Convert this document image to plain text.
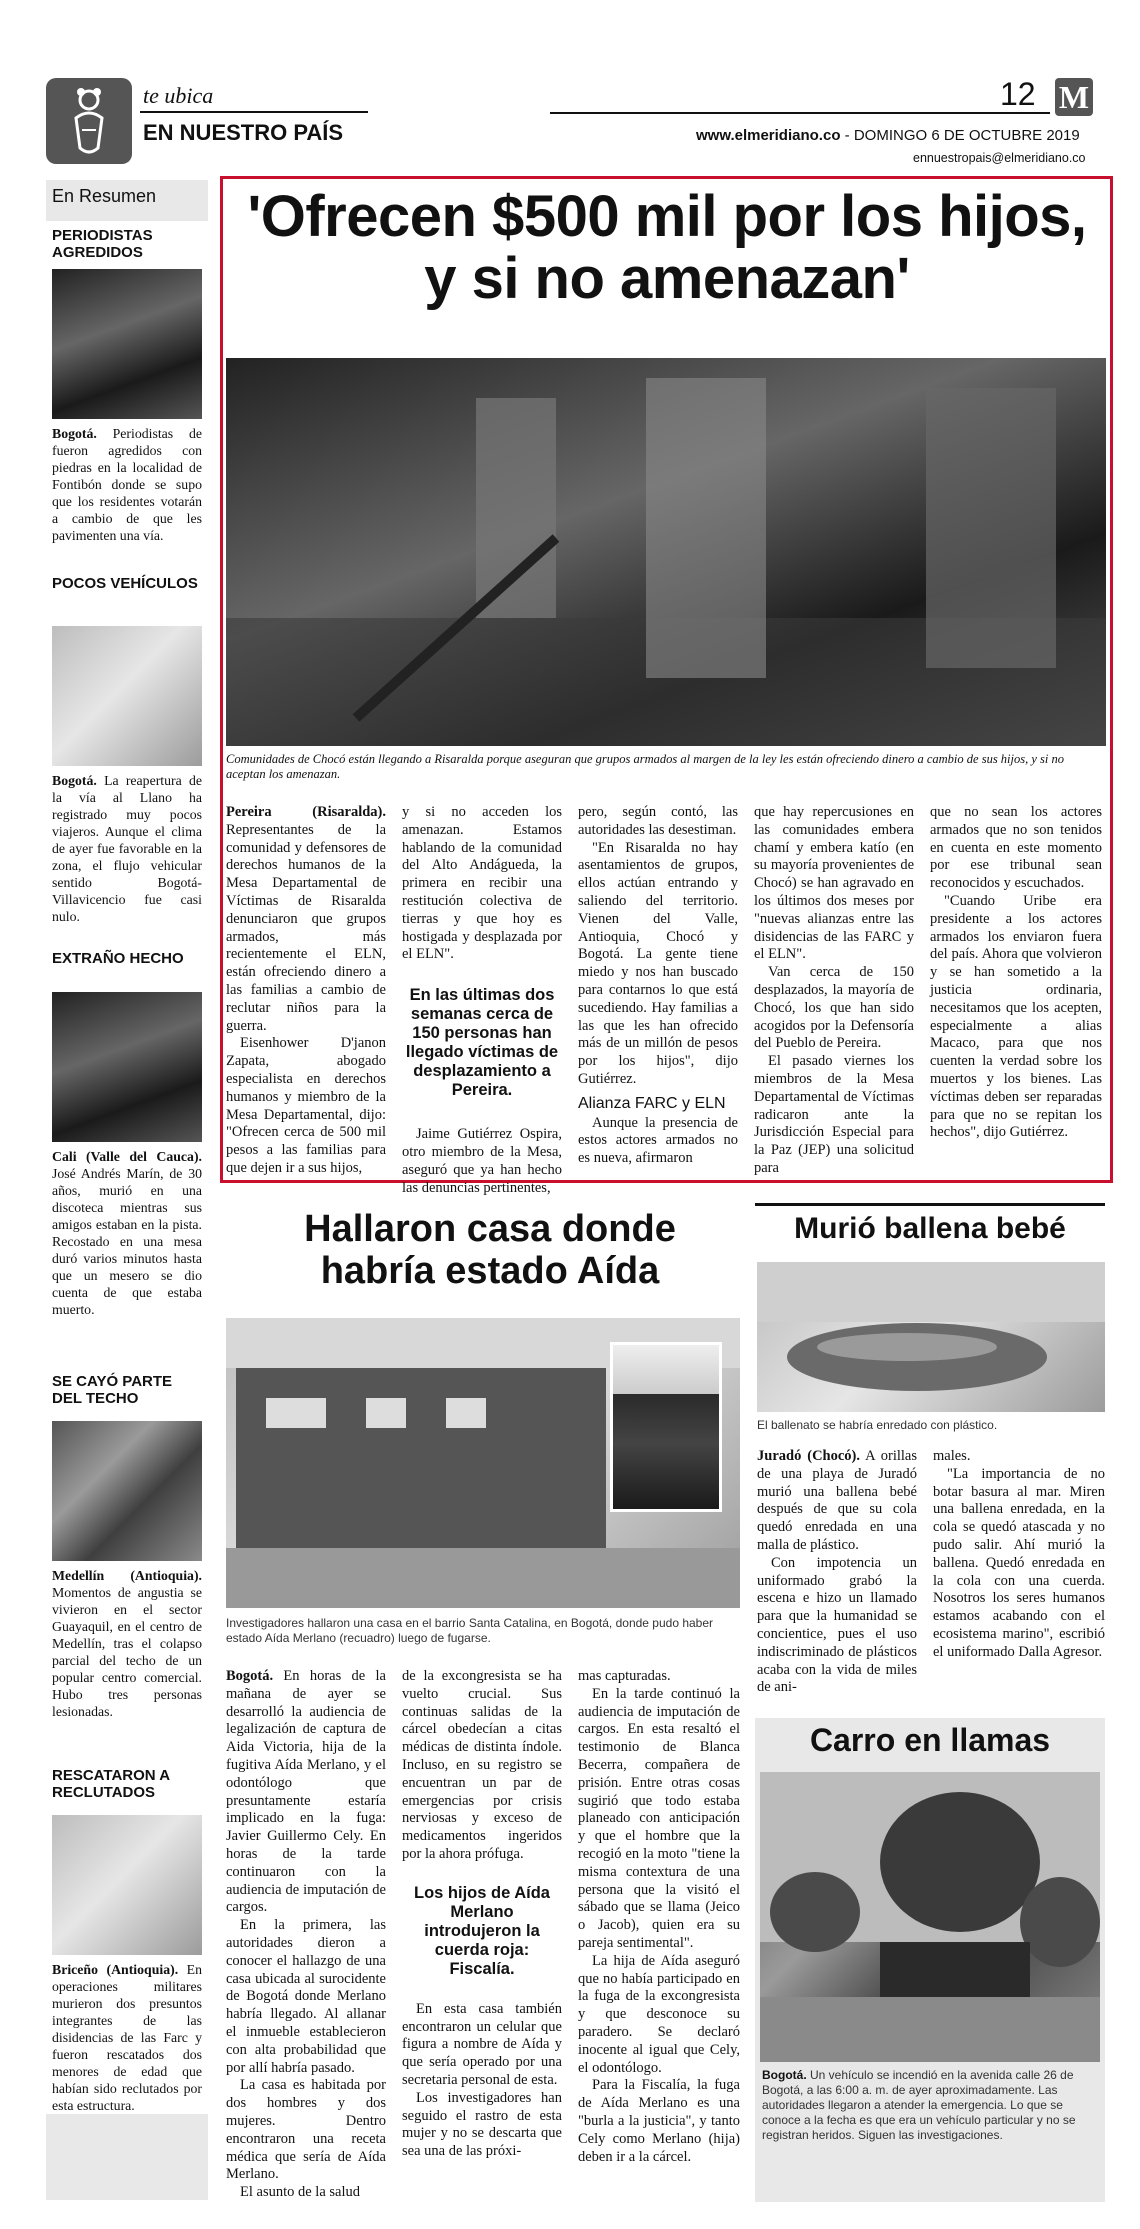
te ubica
EN NUESTRO PAÍS
12 M
www.elmeridiano.co - DOMINGO 6 DE OCTUBRE 2019
ennuestropais@elmeridiano.co
En Resumen
PERIODISTAS AGREDIDOS
Bogotá. Periodistas de fueron agredidos con piedras en la localidad de Fontibón donde se supo que los residentes votarán a cambio de que les pavimenten una vía.
POCOS VEHÍCULOS
Bogotá. La reapertura de la vía al Llano ha registrado muy pocos viajeros. Aunque el clima de ayer fue favorable en la zona, el flujo vehicular sentido Bogotá-Villavicencio fue casi nulo.
EXTRAÑO HECHO
Cali (Valle del Cauca). José Andrés Marín, de 30 años, murió en una discoteca mientras sus amigos estaban en la pista. Recostado en una mesa duró varios minutos hasta que un mesero se dio cuenta de que estaba muerto.
SE CAYÓ PARTE DEL TECHO
Medellín (Antioquia). Momentos de angustia se vivieron en el sector Guayaquil, en el centro de Medellín, tras el colapso parcial del techo de un popular centro comercial. Hubo tres personas lesionadas.
RESCATARON A RECLUTADOS
Briceño (Antioquia). En operaciones militares murieron dos presuntos integrantes de las disidencias de las Farc y fueron rescatados dos menores de edad que habían sido reclutados por esta estructura.
'Ofrecen $500 mil por los hijos, y si no amenazan'
Comunidades de Chocó están llegando a Risaralda porque aseguran que grupos armados al margen de la ley les están ofreciendo dinero a cambio de sus hijos, y si no aceptan los amenazan.

Pereira (Risaralda). Representantes de la comunidad y defensores de derechos humanos de la Mesa Departamental de Víctimas de Risaralda denunciaron que grupos armados, más recientemente el ELN, están ofreciendo dinero a las familias a cambio de reclutar niños para la guerra.

Eisenhower D'janon Zapata, abogado especialista en derechos humanos y miembro de la Mesa Departamental, dijo: "Ofrecen cerca de 500 mil pesos a las familias para que dejen ir a sus hijos,

y si no acceden los amenazan. Estamos hablando de la comunidad del Alto Andágueda, la primera en recibir una restitución colectiva de tierras y que hoy es hostigada y desplazada por el ELN".

En las últimas dos semanas cerca de 150 personas han llegado víctimas de desplazamiento a Pereira.

Jaime Gutiérrez Ospira, otro miembro de la Mesa, aseguró que ya han hecho las denuncias pertinentes,

pero, según contó, las autoridades las desestiman.

"En Risaralda no hay asentamientos de grupos, ellos actúan entrando y saliendo del territorio. Vienen del Valle, Antioquia, Chocó y Bogotá. La gente tiene miedo y nos han buscado para contarnos lo que está sucediendo. Hay familias a las que les han ofrecido más de un millón de pesos por los hijos", dijo Gutiérrez.

Alianza FARC y ELN

Aunque la presencia de estos actores armados no es nueva, afirmaron

que hay repercusiones en las comunidades embera chamí y embera katío (en su mayoría provenientes de Chocó) se han agravado en los últimos dos meses por "nuevas alianzas entre las disidencias de las FARC y el ELN".

Van cerca de 150 desplazados, la mayoría de Chocó, los que han sido acogidos por la Defensoría del Pueblo de Pereira.

El pasado viernes los miembros de la Mesa Departamental de Víctimas radicaron ante la Jurisdicción Especial para la Paz (JEP) una solicitud para

que no sean los actores armados que no son tenidos en cuenta en este momento por ese tribunal sean reconocidos y escuchados.

"Cuando Uribe era presidente a los actores armados los enviaron fuera del país. Ahora que volvieron y se han sometido a la justicia ordinaria, necesitamos que los acepten, especialmente a alias Macaco, para que nos cuenten la verdad sobre los muertos y los bienes. Las víctimas deben ser reparadas para que no se repitan los hechos", dijo Gutiérrez.

Hallaron casa donde habría estado Aída
Investigadores hallaron una casa en el barrio Santa Catalina, en Bogotá, donde pudo haber estado Aída Merlano (recuadro) luego de fugarse.

Bogotá. En horas de la mañana de ayer se desarrolló la audiencia de legalización de captura de Aida Victoria, hija de la fugitiva Aída Merlano, y el odontólogo que presuntamente estaría implicado en la fuga: Javier Guillermo Cely. En horas de la tarde continuaron con la audiencia de imputación de cargos.

En la primera, las autoridades dieron a conocer el hallazgo de una casa ubicada al surocidente de Bogotá donde Merlano habría llegado. Al allanar el inmueble establecieron con alta probabilidad que por allí habría pasado.

La casa es habitada por dos hombres y dos mujeres. Dentro encontraron una receta médica que sería de Aída Merlano.

El asunto de la salud

de la excongresista se ha vuelto crucial. Sus continuas salidas de la cárcel obedecían a citas médicas de distinta índole. Incluso, en su registro se encuentran un par de emergencias por crisis nerviosas y exceso de medicamentos ingeridos por la ahora prófuga.

Los hijos de Aída Merlano introdujeron la cuerda roja: Fiscalía.

En esta casa también encontraron un celular que figura a nombre de Aída y que sería operado por una secretaria personal de esta.

Los investigadores han seguido el rastro de esta mujer y no se descarta que sea una de las próxi-

mas capturadas.

En la tarde continuó la audiencia de imputación de cargos. En esta resaltó el testimonio de Blanca Becerra, compañera de prisión. Entre otras cosas sugirió que todo estaba planeado con anticipación y que el hombre que la recogió en la moto "tiene la misma contextura de una persona que la visitó el sábado que se llama (Jeico o Jacob), quien era su pareja sentimental".

La hija de Aída aseguró que no había participado en la fuga de la excongresista y que desconoce su paradero. Se declaró inocente al igual que Cely, el odontólogo.

Para la Fiscalía, la fuga de Aída Merlano es una "burla a la justicia", y tanto Cely como Merlano (hija) deben ir a la cárcel.

Murió ballena bebé
El ballenato se habría enredado con plástico.

Juradó (Chocó). A orillas de una playa de Juradó murió una ballena bebé después de que su cola quedó enredada en una malla de plástico.

Con impotencia un uniformado grabó la escena e hizo un llamado para que la humanidad se concientice, pues el uso indiscriminado de plásticos acaba con la vida de miles de ani-

males.

"La importancia de no botar basura al mar. Miren una ballena enredada, en la cola se quedó atascada y no pudo salir. Ahí murió la ballena. Quedó enredada en la cola con una cuerda. Nosotros los seres humanos estamos acabando con el ecosistema marino", escribió el uniformado Dalla Agresor.

Carro en llamas
Bogotá. Un vehículo se incendió en la avenida calle 26 de Bogotá, a las 6:00 a. m. de ayer aproximadamente. Las autoridades llegaron a atender la emergencia. Lo que se conoce a la fecha es que era un vehículo particular y no se registran heridos. Siguen las investigaciones.
